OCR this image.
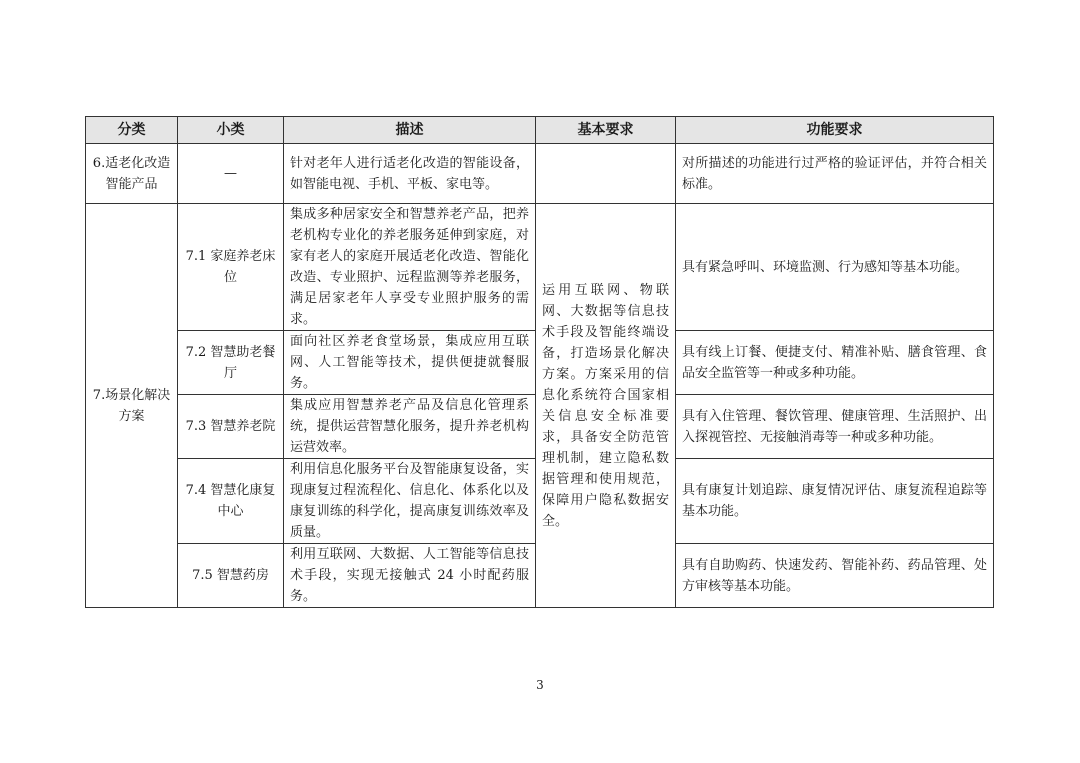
分类	小类	描述	基本要求	功能要求
6.适老化改造智能产品	—	针对老年人进行适老化改造的智能设备，如智能电视、手机、平板、家电等。		对所描述的功能进行过严格的验证评估，并符合相关标准。
7.场景化解决方案	7.1 家庭养老床位	集成多种居家安全和智慧养老产品，把养老机构专业化的养老服务延伸到家庭，对家有老人的家庭开展适老化改造、智能化改造、专业照护、远程监测等养老服务，满足居家老年人享受专业照护服务的需求。	运用互联网、物联网、大数据等信息技术手段及智能终端设备，打造场景化解决方案。方案采用的信息化系统符合国家相关信息安全标准要求，具备安全防范管理机制，建立隐私数据管理和使用规范，保障用户隐私数据安全。	具有紧急呼叫、环境监测、行为感知等基本功能。
	7.2 智慧助老餐厅	面向社区养老食堂场景，集成应用互联网、人工智能等技术，提供便捷就餐服务。		具有线上订餐、便捷支付、精准补贴、膳食管理、食品安全监管等一种或多种功能。
	7.3 智慧养老院	集成应用智慧养老产品及信息化管理系统，提供运营智慧化服务，提升养老机构运营效率。		具有入住管理、餐饮管理、健康管理、生活照护、出入探视管控、无接触消毒等一种或多种功能。
	7.4 智慧化康复中心	利用信息化服务平台及智能康复设备，实现康复过程流程化、信息化、体系化以及康复训练的科学化，提高康复训练效率及质量。		具有康复计划追踪、康复情况评估、康复流程追踪等基本功能。
	7.5 智慧药房	利用互联网、大数据、人工智能等信息技术手段，实现无接触式 24 小时配药服务。		具有自助购药、快速发药、智能补药、药品管理、处方审核等基本功能。
3
